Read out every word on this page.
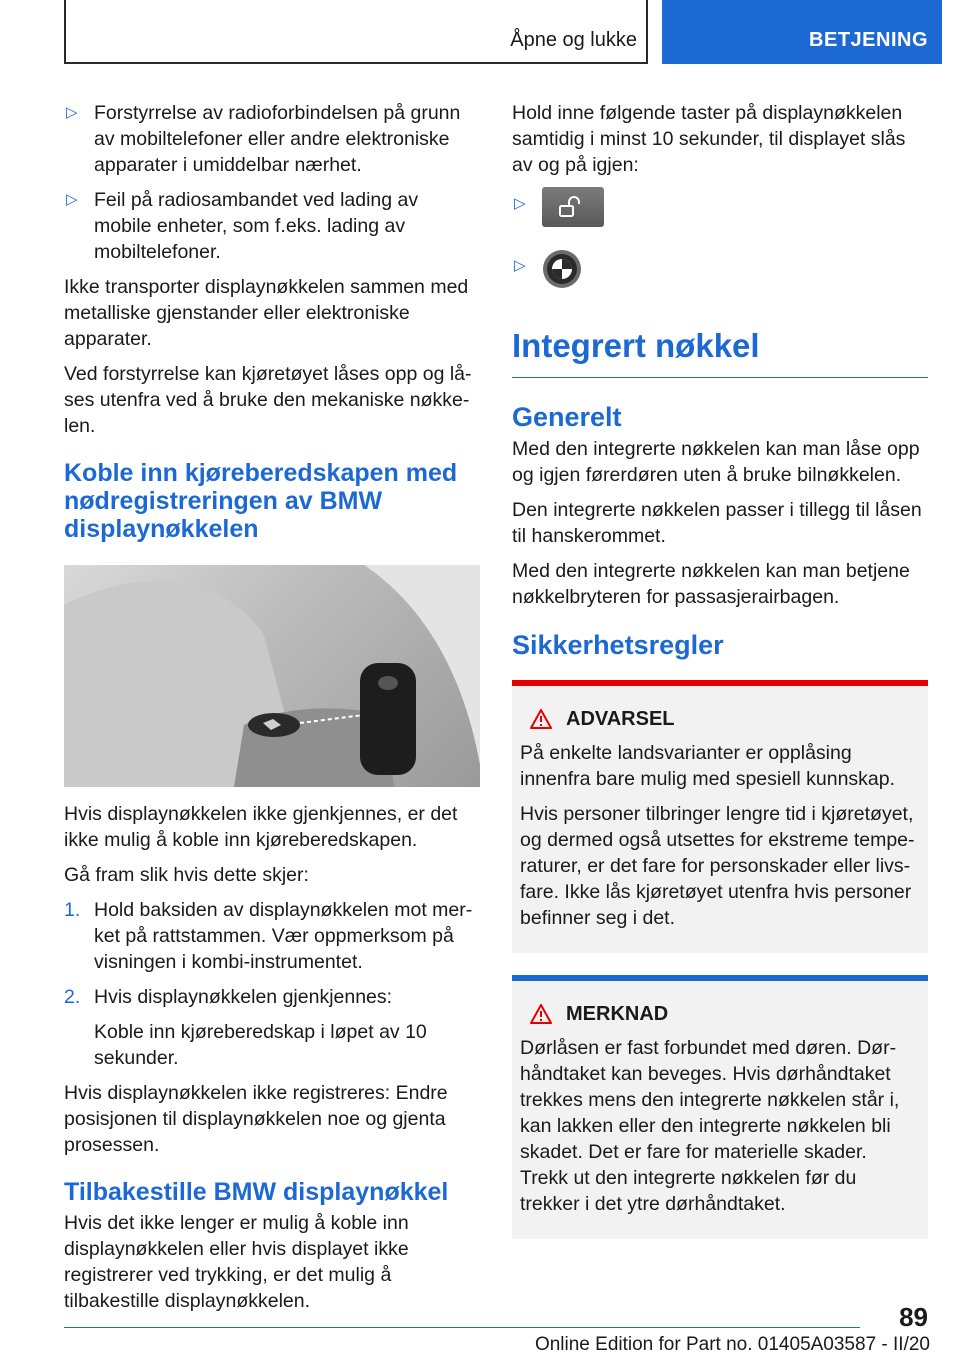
Åpne og lukke	BETJENING
▷ Forstyrrelse av radioforbindelsen på grunn av mobiltelefoner eller andre elektroniske apparater i umiddelbar nærhet.
▷ Feil på radiosambandet ved lading av mobile enheter, som f.eks. lading av mobiltelefoner.

Ikke transporter displaynøkkelen sammen med metalliske gjenstander eller elektroniske apparater.

Ved forstyrrelse kan kjøretøyet låses opp og låses utenfra ved å bruke den mekaniske nøkkelen.

Koble inn kjøreberedskapen med nødregistreringen av BMW displaynøkkelen

Hvis displaynøkkelen ikke gjenkjennes, er det ikke mulig å koble inn kjøreberedskapen.

Gå fram slik hvis dette skjer:

1. Hold baksiden av displaynøkkelen mot merket på rattstammen. Vær oppmerksom på visningen i kombi-instrumentet.
2. Hvis displaynøkkelen gjenkjennes:

Koble inn kjøreberedskap i løpet av 10 sekunder.

Hvis displaynøkkelen ikke registreres: Endre posisjonen til displaynøkkelen noe og gjenta prosessen.

Tilbakestille BMW displaynøkkel

Hvis det ikke lenger er mulig å koble inn displaynøkkelen eller hvis displayet ikke registrerer ved trykking, er det mulig å tilbakestille displaynøkkelen.

Hold inne følgende taster på displaynøkkelen samtidig i minst 10 sekunder, til displayet slås av og på igjen:

▷
▷
Integrert nøkkel
Generelt

Med den integrerte nøkkelen kan man låse opp og igjen førerdøren uten å bruke bilnøkkelen.

Den integrerte nøkkelen passer i tillegg til låsen til hanskerommet.

Med den integrerte nøkkelen kan man betjene nøkkelbryteren for passasjerairbagen.

Sikkerhetsregler
ADVARSEL

På enkelte landsvarianter er opplåsing innenfra bare mulig med spesiell kunnskap.

Hvis personer tilbringer lengre tid i kjøretøyet, og dermed også utsettes for ekstreme temperaturer, er det fare for personskader eller livsfare. Ikke lås kjøretøyet utenfra hvis personer befinner seg i det.

MERKNAD

Dørlåsen er fast forbundet med døren. Dørhåndtaket kan beveges. Hvis dørhåndtaket trekkes mens den integrerte nøkkelen står i, kan lakken eller den integrerte nøkkelen bli skadet. Det er fare for materielle skader. Trekk ut den integrerte nøkkelen før du trekker i det ytre dørhåndtaket.

89
Online Edition for Part no. 01405A03587 - II/20
